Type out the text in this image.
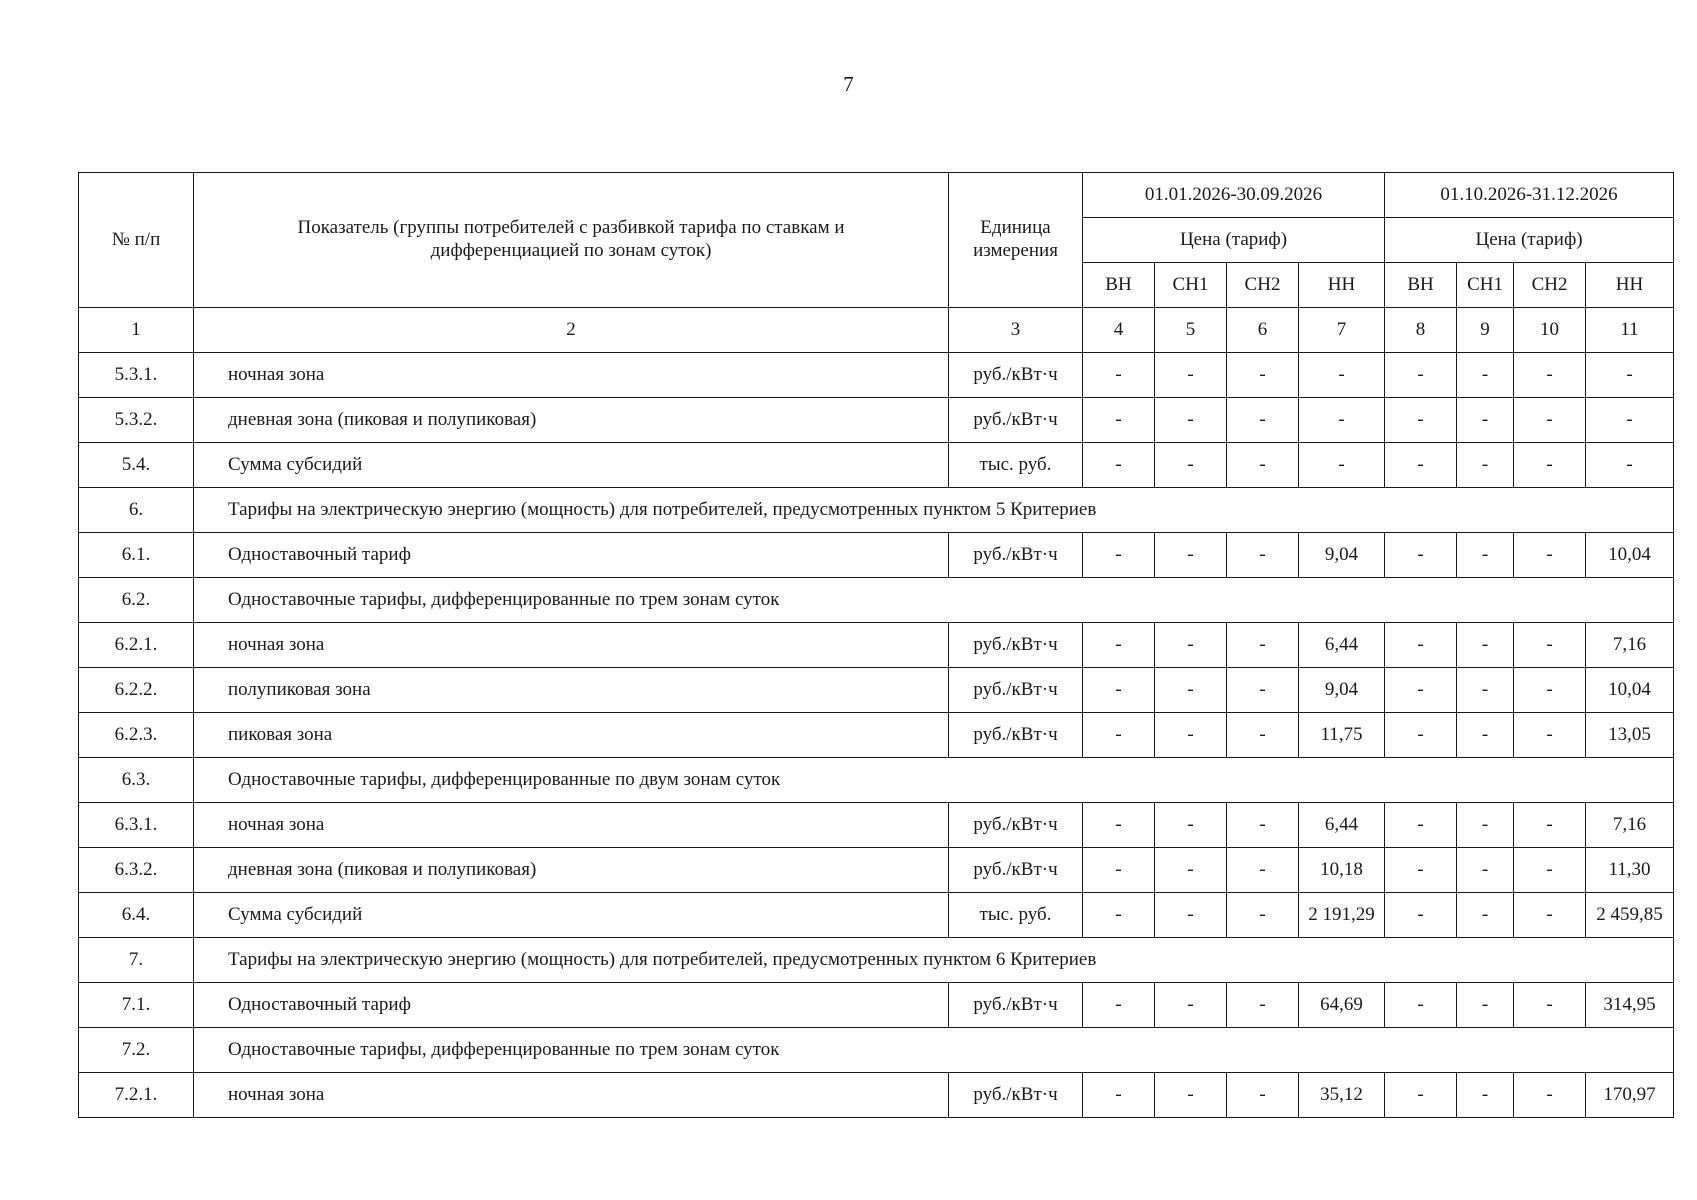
7
№ п/п	Показатель (группы потребителей с разбивкой тарифа по ставкам и дифференциацией по зонам суток)	Единица измерения	01.01.2026-30.09.2026				01.10.2026-31.12.2026			
			Цена (тариф)				Цена (тариф)			
			ВН	СН1	СН2	НН	ВН	СН1	СН2	НН
1	2	3	4	5	6	7	8	9	10	11
5.3.1.	ночная зона	руб./кВт·ч	-	-	-	-	-	-	-	-
5.3.2.	дневная зона (пиковая и полупиковая)	руб./кВт·ч	-	-	-	-	-	-	-	-
5.4.	Сумма субсидий	тыс. руб.	-	-	-	-	-	-	-	-
6.	Тарифы на электрическую энергию (мощность) для потребителей, предусмотренных пунктом 5 Критериев									
6.1.	Одноставочный тариф	руб./кВт·ч	-	-	-	9,04	-	-	-	10,04
6.2.	Одноставочные тарифы, дифференцированные по трем зонам суток									
6.2.1.	ночная зона	руб./кВт·ч	-	-	-	6,44	-	-	-	7,16
6.2.2.	полупиковая зона	руб./кВт·ч	-	-	-	9,04	-	-	-	10,04
6.2.3.	пиковая зона	руб./кВт·ч	-	-	-	11,75	-	-	-	13,05
6.3.	Одноставочные тарифы, дифференцированные по двум зонам суток									
6.3.1.	ночная зона	руб./кВт·ч	-	-	-	6,44	-	-	-	7,16
6.3.2.	дневная зона (пиковая и полупиковая)	руб./кВт·ч	-	-	-	10,18	-	-	-	11,30
6.4.	Сумма субсидий	тыс. руб.	-	-	-	2 191,29	-	-	-	2 459,85
7.	Тарифы на электрическую энергию (мощность) для потребителей, предусмотренных пунктом 6 Критериев									
7.1.	Одноставочный тариф	руб./кВт·ч	-	-	-	64,69	-	-	-	314,95
7.2.	Одноставочные тарифы, дифференцированные по трем зонам суток									
7.2.1.	ночная зона	руб./кВт·ч	-	-	-	35,12	-	-	-	170,97
